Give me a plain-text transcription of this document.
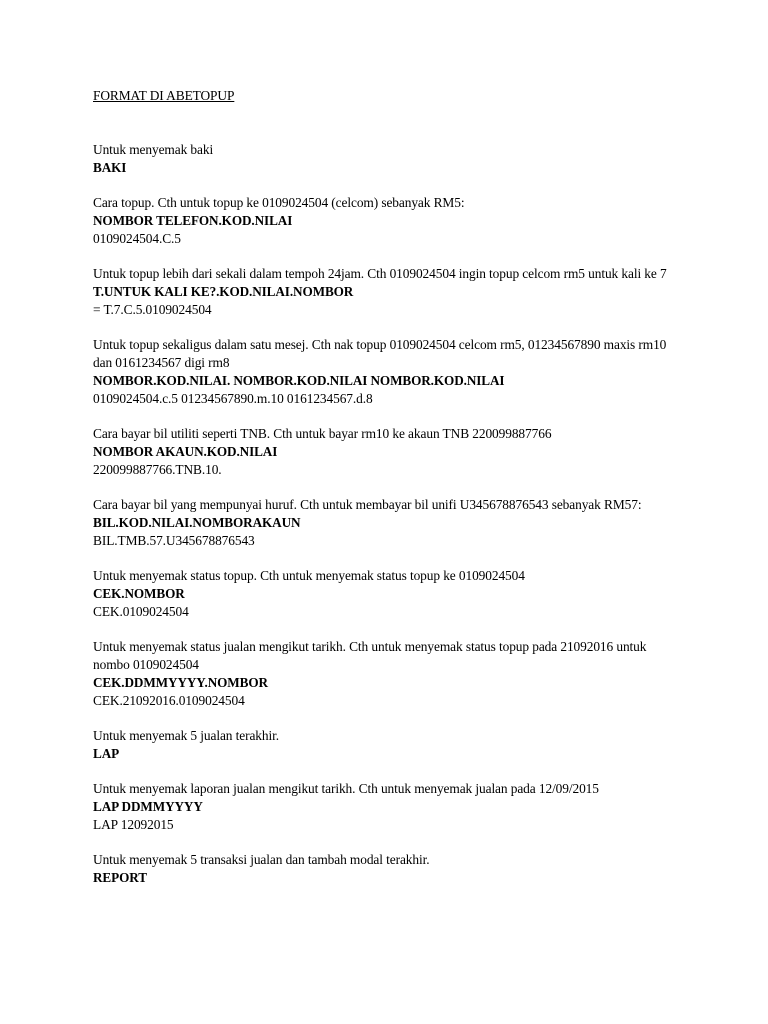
FORMAT DI ABETOPUP

Untuk menyemak baki

BAKI

Cara topup. Cth untuk topup ke 0109024504 (celcom) sebanyak RM5:

NOMBOR TELEFON.KOD.NILAI

0109024504.C.5

Untuk topup lebih dari sekali dalam tempoh 24jam. Cth 0109024504 ingin topup celcom rm5 untuk kali ke 7

T.UNTUK KALI KE?.KOD.NILAI.NOMBOR

= T.7.C.5.0109024504

Untuk topup sekaligus dalam satu mesej. Cth nak topup 0109024504 celcom rm5, 01234567890 maxis rm10 dan 0161234567 digi rm8

NOMBOR.KOD.NILAI. NOMBOR.KOD.NILAI NOMBOR.KOD.NILAI

0109024504.c.5 01234567890.m.10 0161234567.d.8

Cara bayar bil utiliti seperti TNB. Cth untuk bayar rm10 ke akaun TNB 220099887766

NOMBOR AKAUN.KOD.NILAI

220099887766.TNB.10.

Cara bayar bil yang mempunyai huruf. Cth untuk membayar bil unifi U345678876543 sebanyak RM57:

BIL.KOD.NILAI.NOMBORAKAUN

BIL.TMB.57.U345678876543

Untuk menyemak status topup. Cth untuk menyemak status topup ke 0109024504

CEK.NOMBOR

CEK.0109024504

Untuk menyemak status jualan mengikut tarikh. Cth untuk menyemak status topup pada 21092016 untuk nombo 0109024504

CEK.DDMMYYYY.NOMBOR

CEK.21092016.0109024504

Untuk menyemak 5 jualan terakhir.

LAP

Untuk menyemak laporan jualan mengikut tarikh. Cth untuk menyemak jualan pada 12/09/2015

LAP DDMMYYYY

LAP 12092015

Untuk menyemak 5 transaksi jualan dan tambah modal terakhir.

REPORT
